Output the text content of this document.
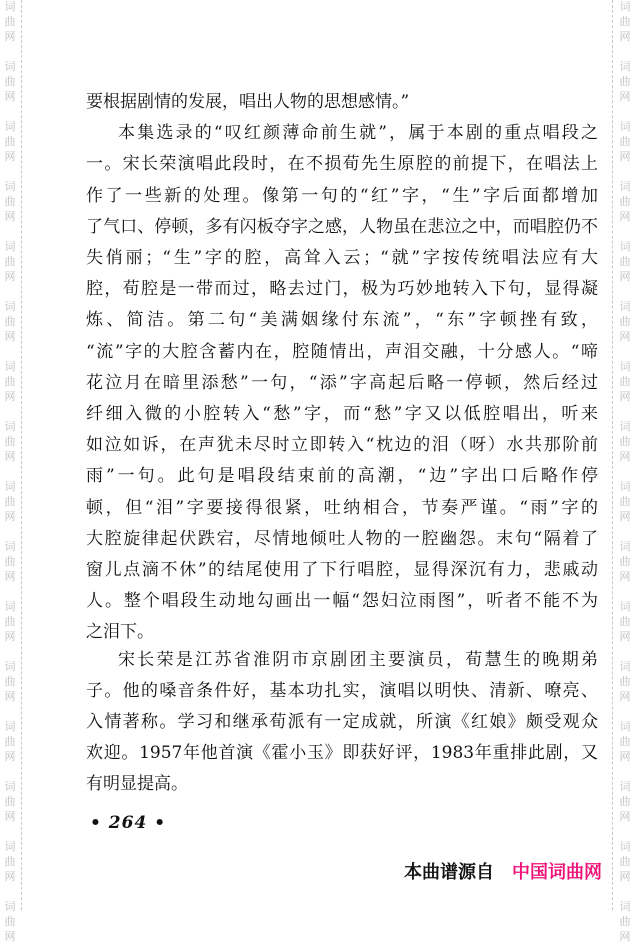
词
曲
网
词
曲
网
词
曲
网
词
曲
网
词
曲
网
词
曲
网
词
曲
网
词
曲
网
词
曲
网
词
曲
网
词
曲
网
词
曲
网
词
曲
网
词
曲
网
词
曲
网
词
曲
网
词
曲
网
词
曲
网
词
曲
网
词
曲
网
词
曲
网
词
曲
网
词
曲
网
词
曲
网
词
曲
网
词
曲
网
词
曲
网
词
曲
网
词
曲
网
词
曲
网
词
曲
网
词
曲
网
要根据剧情的发展，唱出人物的思想感情。”
本集选录的“叹红颜薄命前生就”，属于本剧的重点唱段之
一。宋长荣演唱此段时，在不损荀先生原腔的前提下，在唱法上
作了一些新的处理。像第一句的“红”字，“生”字后面都增加
了气口、停顿，多有闪板夺字之感，人物虽在悲泣之中，而唱腔仍不
失俏丽；“生”字的腔，高耸入云；“就”字按传统唱法应有大
腔，荀腔是一带而过，略去过门，极为巧妙地转入下句，显得凝
炼、简洁。第二句“美满姻缘付东流”，“东”字顿挫有致，
“流”字的大腔含蓄内在，腔随情出，声泪交融，十分感人。“啼
花泣月在暗里添愁”一句，“添”字高起后略一停顿，然后经过
纤细入微的小腔转入“愁”字，而“愁”字又以低腔唱出，听来
如泣如诉，在声犹未尽时立即转入“枕边的泪（呀）水共那阶前
雨”一句。此句是唱段结束前的高潮，“边”字出口后略作停
顿，但“泪”字要接得很紧，吐纳相合，节奏严谨。“雨”字的
大腔旋律起伏跌宕，尽情地倾吐人物的一腔幽怨。末句“隔着了
窗儿点滴不休”的结尾使用了下行唱腔，显得深沉有力，悲戚动
人。整个唱段生动地勾画出一幅“怨妇泣雨图”，听者不能不为
之泪下。
宋长荣是江苏省淮阴市京剧团主要演员，荀慧生的晚期弟
子。他的嗓音条件好，基本功扎实，演唱以明快、清新、嘹亮、
入情著称。学习和继承荀派有一定成就，所演《红娘》颇受观众
欢迎。1957年他首演《霍小玉》即获好评，1983年重排此剧，又
有明显提高。
• 264 •
本曲谱源自 中国词曲网
